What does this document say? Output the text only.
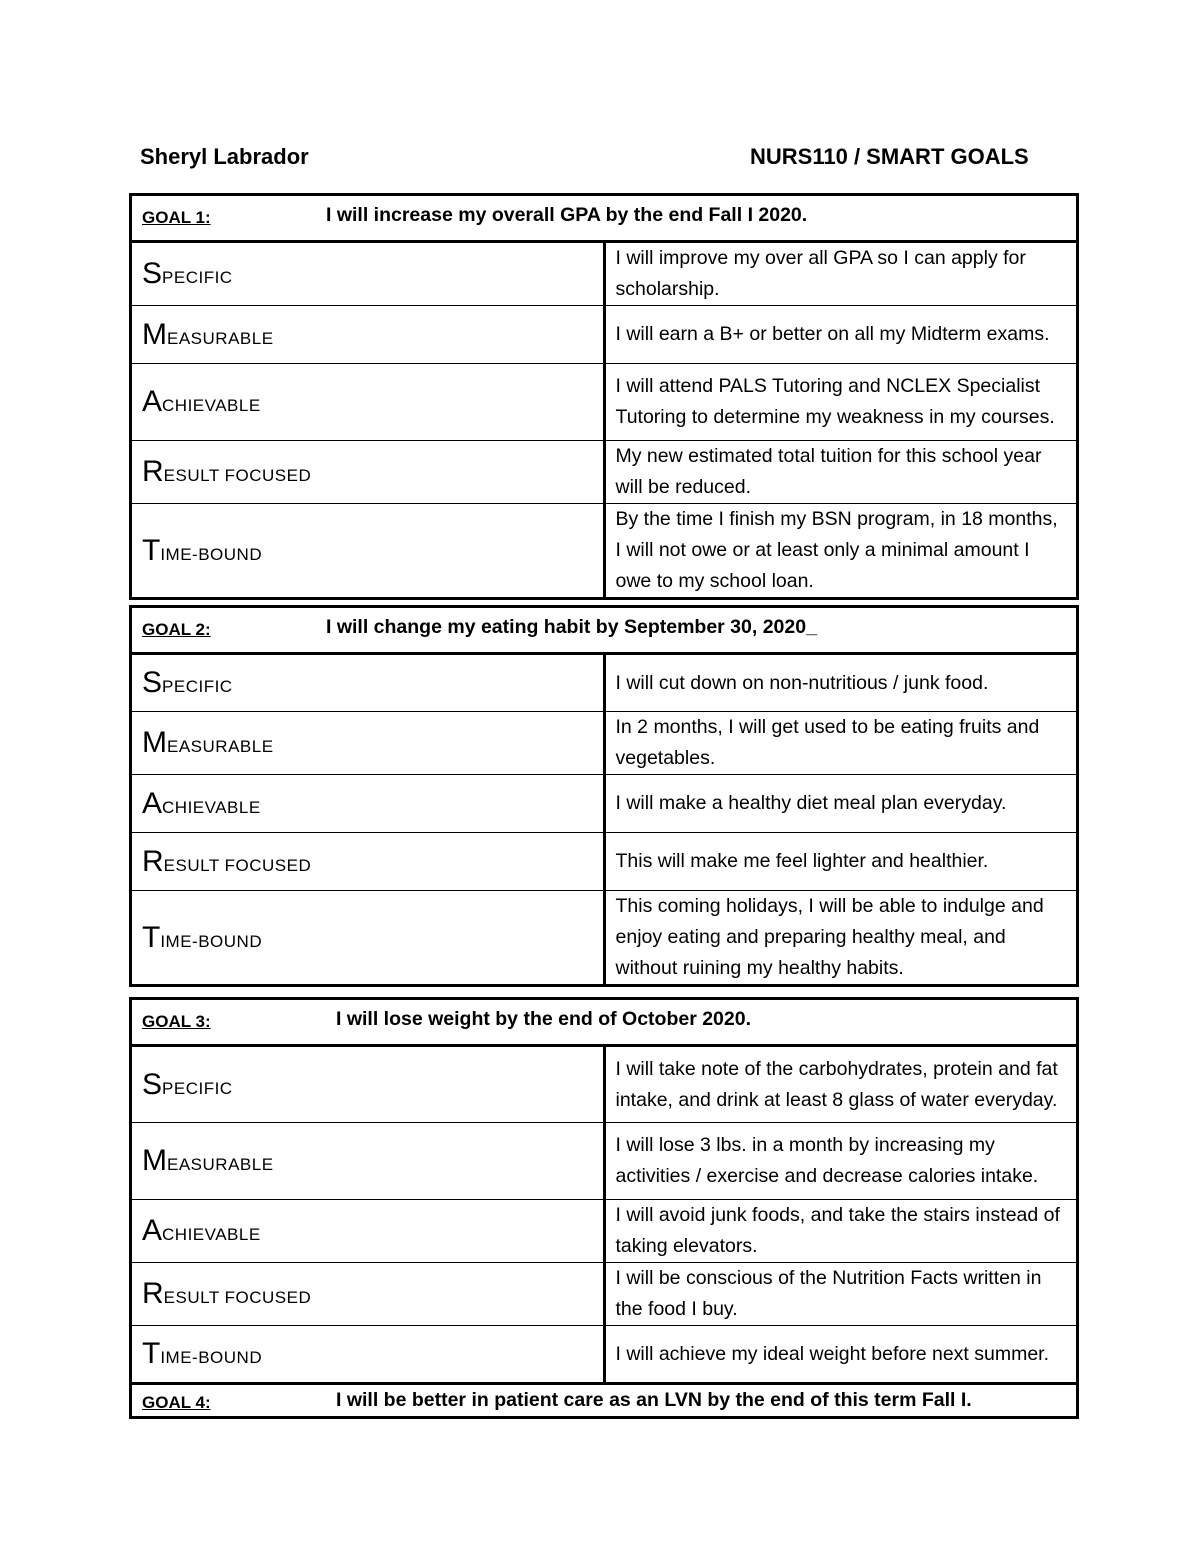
Sheryl Labrador	NURS110 / SMART GOALS
GOAL 1: I will increase my overall GPA by the end Fall I 2020.	

SPECIFIC	I will improve my over all GPA so I can apply for scholarship.
MEASURABLE	I will earn a B+ or better on all my Midterm exams.
ACHIEVABLE	I will attend PALS Tutoring and NCLEX Specialist Tutoring to determine my weakness in my courses.
RESULT FOCUSED	My new estimated total tuition for this school year will be reduced.
TIME-BOUND	By the time I finish my BSN program, in 18 months, I will not owe or at least only a minimal amount I owe to my school loan.
GOAL 2: I will change my eating habit by September 30, 2020_	

SPECIFIC	I will cut down on non-nutritious / junk food.
MEASURABLE	In 2 months, I will get used to be eating fruits and vegetables.
ACHIEVABLE	I will make a healthy diet meal plan everyday.
RESULT FOCUSED	This will make me feel lighter and healthier.
TIME-BOUND	This coming holidays, I will be able to indulge and enjoy eating and preparing healthy meal, and without ruining my healthy habits.
GOAL 3: I will lose weight by the end of October 2020.	

SPECIFIC	I will take note of the carbohydrates, protein and fat intake, and drink at least 8 glass of water everyday.
MEASURABLE	I will lose 3 lbs. in a month by increasing my activities / exercise and decrease calories intake.
ACHIEVABLE	I will avoid junk foods, and take the stairs instead of taking elevators.
RESULT FOCUSED	I will be conscious of the Nutrition Facts written in the food I buy.
TIME-BOUND	I will achieve my ideal weight before next summer.

GOAL 4: I will be better in patient care as an LVN by the end of this term Fall I.	
